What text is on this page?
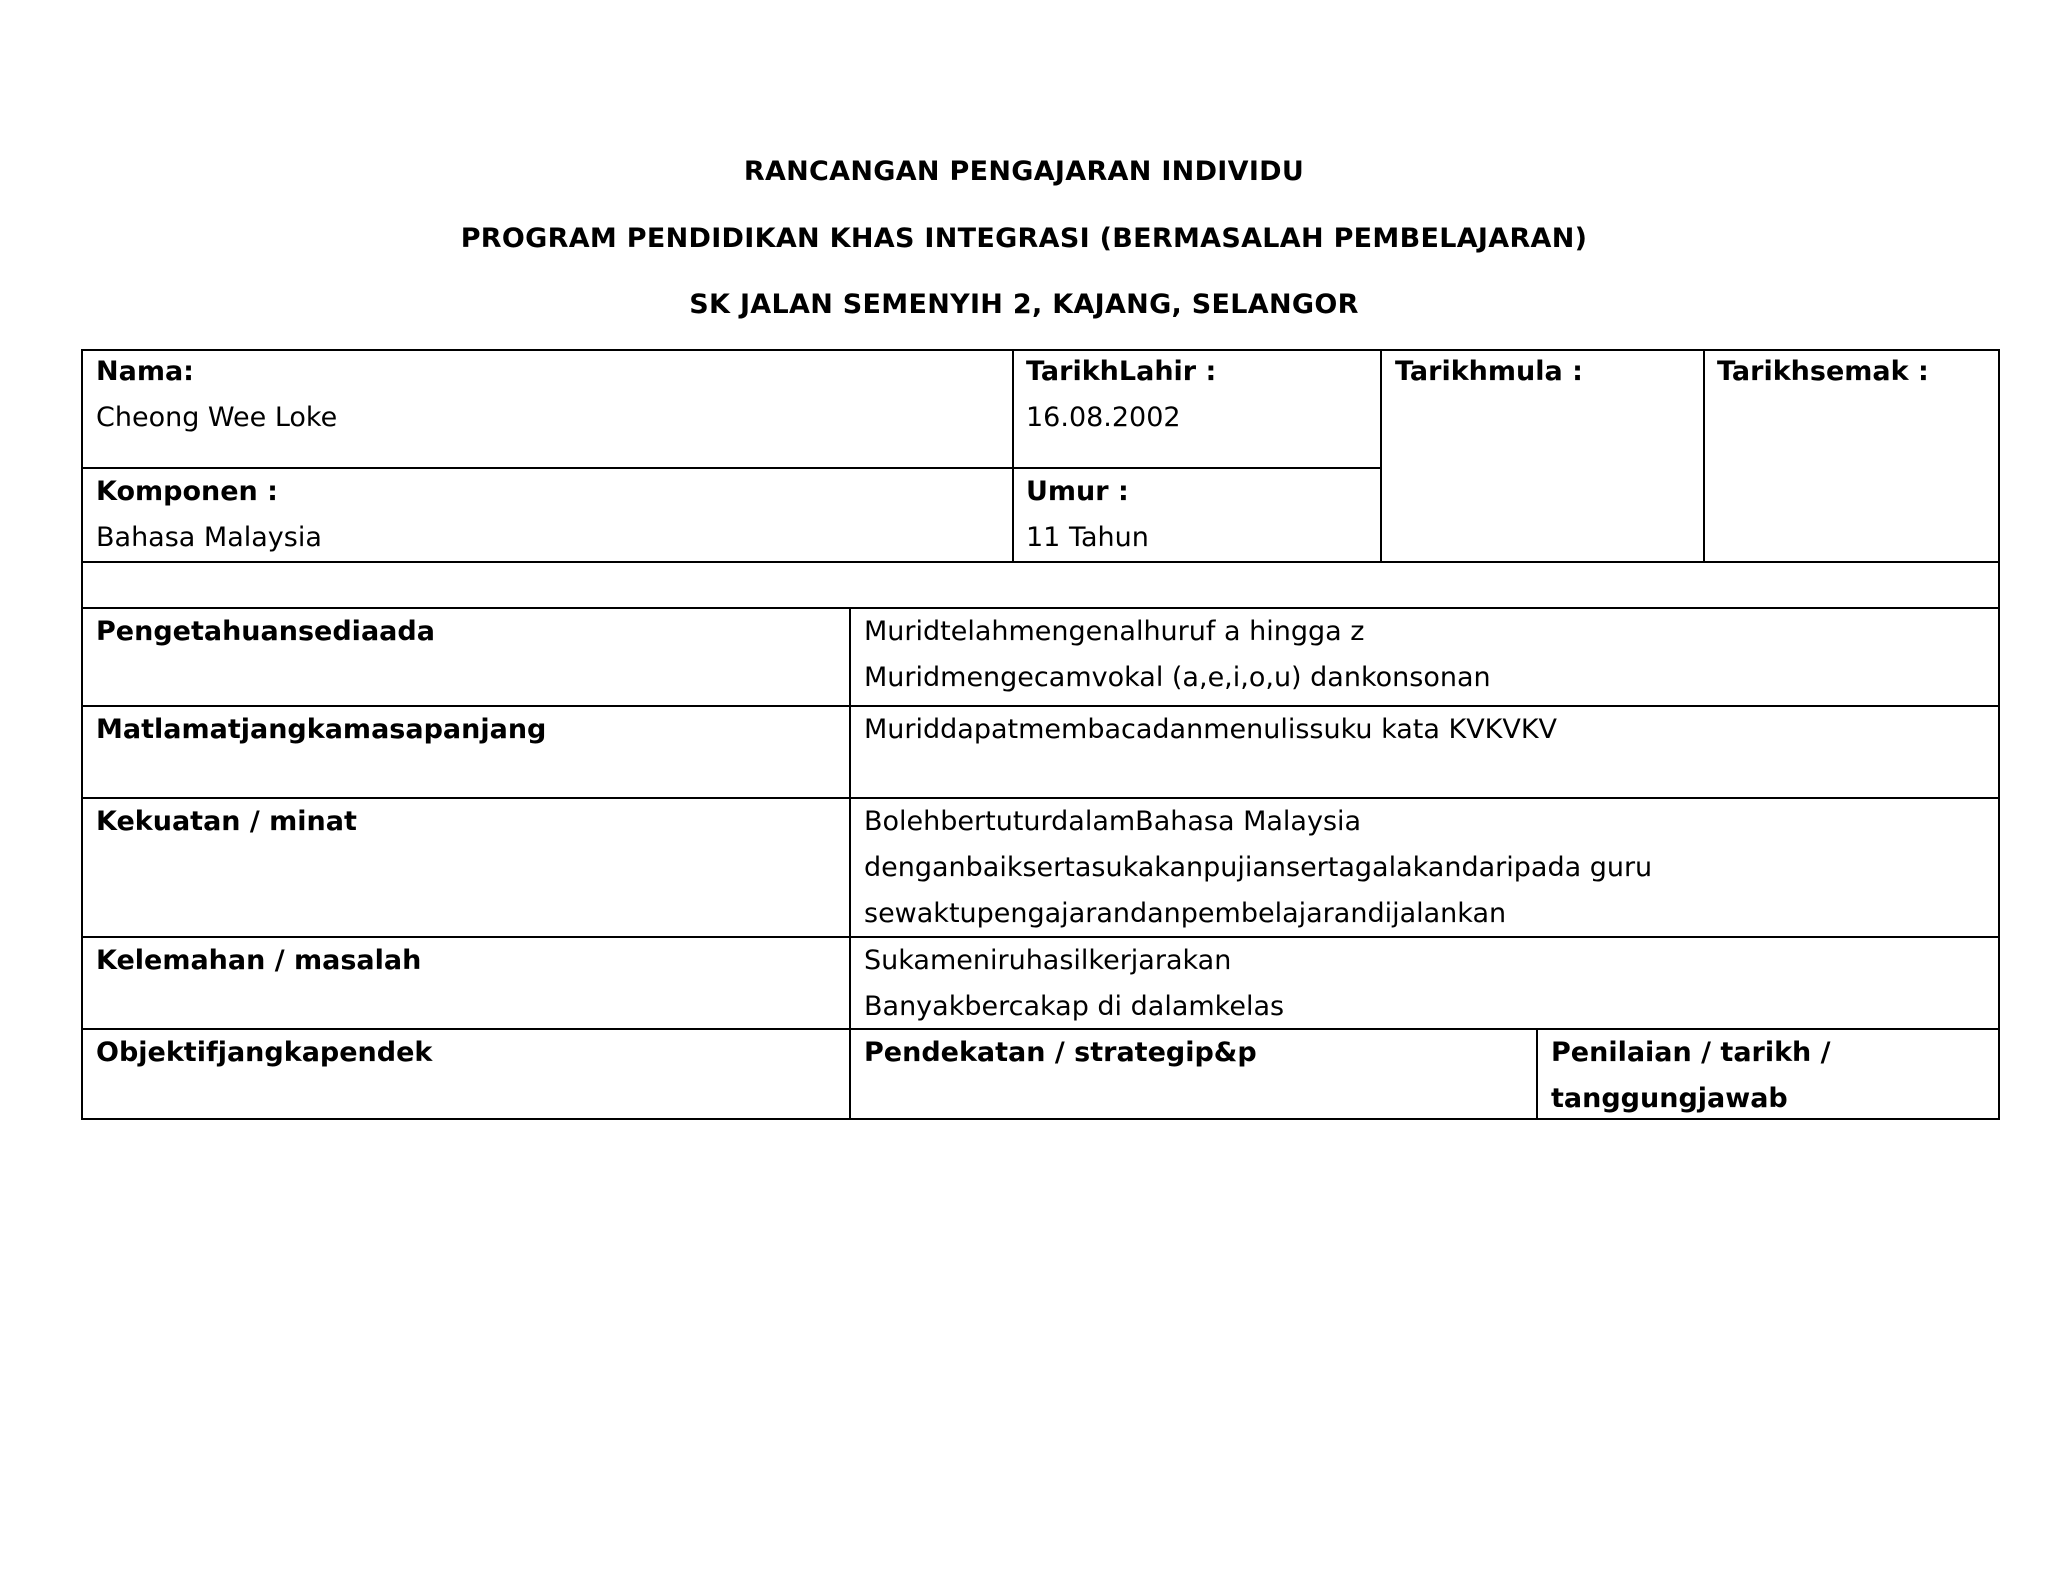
RANCANGAN PENGAJARAN INDIVIDU
PROGRAM PENDIDIKAN KHAS INTEGRASI (BERMASALAH PEMBELAJARAN)
SK JALAN SEMENYIH 2, KAJANG, SELANGOR
Nama:
Cheong Wee Loke
TarikhLahir :
16.08.2002
Tarikhmula :	Tarikhsemak :
Komponen :
Bahasa Malaysia
Umur :
11 Tahun
Pengetahuansediaada	Muridtelahmengenalhuruf a hingga z
Muridmengecamvokal (a,e,i,o,u) dankonsonan
Matlamatjangkamasapanjang	Muriddapatmembacadanmenulissuku kata KVKVKV
Kekuatan / minat	BolehbertuturdalamBahasa Malaysia
denganbaiksertasukakanpujiansertagalakandaripada guru
sewaktupengajarandanpembelajarandijalankan
Kelemahan / masalah	Sukameniruhasilkerjarakan
Banyakbercakap di dalamkelas
Objektifjangkapendek	Pendekatan / strategip&p	Penilaian / tarikh /
tanggungjawab
